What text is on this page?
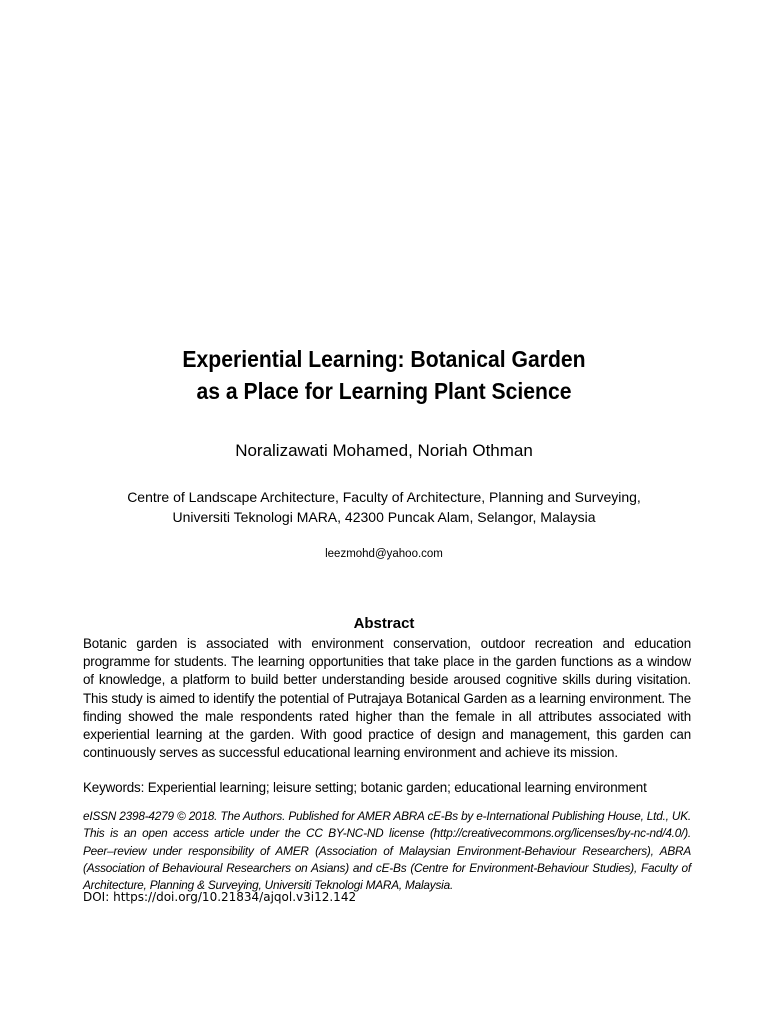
Experiential Learning: Botanical Garden
as a Place for Learning Plant Science
Noralizawati Mohamed, Noriah Othman
Centre of Landscape Architecture, Faculty of Architecture, Planning and Surveying,
Universiti Teknologi MARA, 42300 Puncak Alam, Selangor, Malaysia
leezmohd@yahoo.com
Abstract
Botanic garden is associated with environment conservation, outdoor recreation and education programme for students. The learning opportunities that take place in the garden functions as a window of knowledge, a platform to build better understanding beside aroused cognitive skills during visitation. This study is aimed to identify the potential of Putrajaya Botanical Garden as a learning environment. The finding showed the male respondents rated higher than the female in all attributes associated with experiential learning at the garden. With good practice of design and management, this garden can continuously serves as successful educational learning environment and achieve its mission.
Keywords: Experiential learning; leisure setting; botanic garden; educational learning environment
eISSN 2398-4279 © 2018. The Authors. Published for AMER ABRA cE-Bs by e-International Publishing House, Ltd., UK. This is an open access article under the CC BY-NC-ND license (http://creativecommons.org/licenses/by-nc-nd/4.0/). Peer–review under responsibility of AMER (Association of Malaysian Environment-Behaviour Researchers), ABRA (Association of Behavioural Researchers on Asians) and cE-Bs (Centre for Environment-Behaviour Studies), Faculty of Architecture, Planning & Surveying, Universiti Teknologi MARA, Malaysia.
DOI: https://doi.org/10.21834/ajqol.v3i12.142
